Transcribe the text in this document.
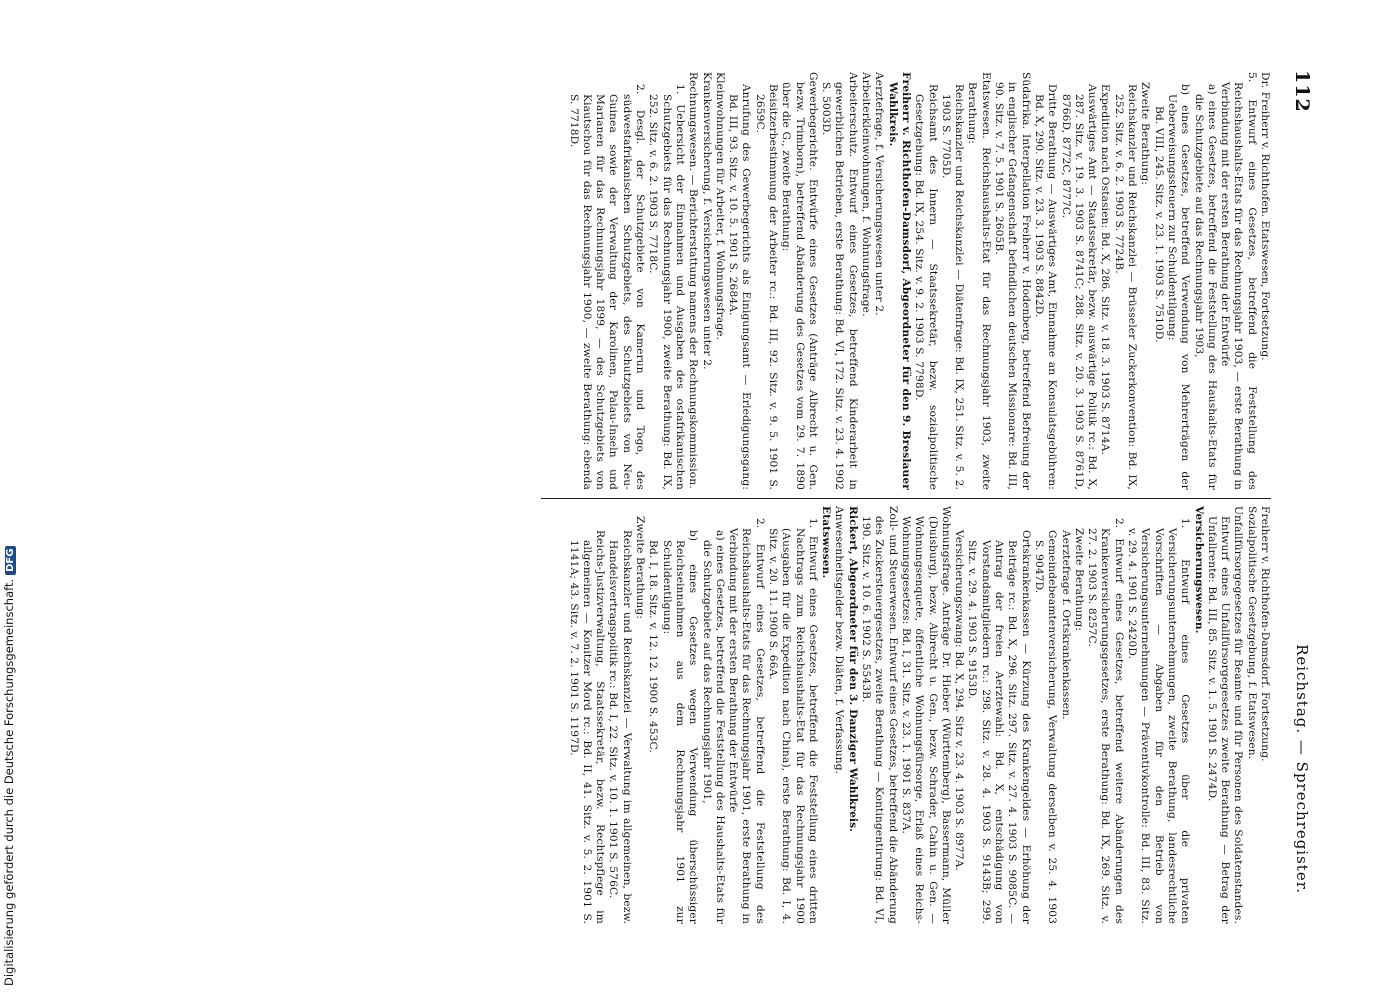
Digitalisierung gefördert durch die Deutsche Forschungsgemeinschaft.DFG
112
Reichstag. — Sprechregister.

Dr. Freiherr v. Richthofen. Etatswesen, Fortsetzung.

5. Entwurf eines Gesetzes, betreffend die Feststellung des Reichshaushalts-Etats für das Rechnungsjahr 1903, — erste Berathung in Verbindung mit der ersten Berathung der Entwürfe

a) eines Gesetzes, betreffend die Feststellung des Haushalts-Etats für die Schutzgebiete auf das Rechnungsjahr 1903,

b) eines Gesetzes, betreffend Verwendung von Mehrerträgen der Ueberweisungssteuern zur Schuldentilgung:

Bd. VIII, 245. Sitz. v. 23. 1. 1903 S. 7510D.

Zweite Berathung:

Reichskanzler und Reichskanzlei — Brüsseler Zuckerkonvention: Bd. IX, 252. Sitz. v. 6. 2. 1903 S. 7724B.

Expedition nach Ostasien: Bd. X, 286. Sitz. v. 18. 3. 1903 S. 8714A.

Auswärtiges Amt — Staatssekretär, bezw. auswärtige Politik rc.: Bd. X, 287. Sitz. v. 19. 3. 1903 S. 8741C; 288. Sitz. v. 20. 3. 1903 S. 8761D, 8766D, 8772C, 8777C.

Dritte Berathung — Auswärtiges Amt, Einnahme an Konsulatsgebühren: Bd. X, 290. Sitz. v. 23. 3. 1903 S. 8842D.

Südafrika. Interpellation Freiherr v. Hodenberg, betreffend Befreiung der in englischer Gefangenschaft befindlichen deutschen Missionare: Bd. III, 90. Sitz. v. 7. 5. 1901 S. 2605B.

Etatswesen. Reichshaushalts-Etat für das Rechnungsjahr 1903, zweite Berathung:

Reichskanzler und Reichskanzlei — Diätenfrage: Bd. IX, 251. Sitz. v. 5. 2. 1903 S. 7705D.

Reichsamt des Innern — Staatssekretär, bezw. sozialpolitische Gesetzgebung: Bd. IX, 254. Sitz. v. 9. 2. 1903 S. 7798D.

Freiherr v. Richthofen-Damsdorf, Abgeordneter für den 9. Breslauer Wahlkreis.

Aerztefrage, f. Versicherungswesen unter 2.

Arbeiterkleinwohnungen, f. Wohnungsfrage.

Arbeiterschutz. Entwurf eines Gesetzes, betreffend Kinderarbeit in gewerblichen Betrieben, erste Berathung: Bd. VI, 172. Sitz. v. 23. 4. 1902 S. 5003D.

Gewerbegerichte. Entwürfe eines Gesetzes (Anträge Albrecht u. Gen. bezw. Trimborn), betreffend Abänderung des Gesetzes vom 29. 7. 1890 über die G., zweite Berathung:

Beisitzerbestimmung der Arbeiter rc.: Bd. III, 92. Sitz. v. 9. 5. 1901 S. 2659C.

Anrufung des Gewerbegerichts als Einigungsamt — Erledigungsgang: Bd. III, 93. Sitz. v. 10. 5. 1901 S. 2684A.

Kleinwohnungen für Arbeiter, f. Wohnungsfrage.

Krankenversicherung, f. Versicherungswesen unter 2.

Rechnungswesen. — Berichterstattung namens der Rechnungskommission.

1. Uebersicht der Einnahmen und Ausgaben des ostafrikanischen Schutzgebiets für das Rechnungsjahr 1900, zweite Berathung: Bd. IX, 252. Sitz. v. 6. 2. 1903 S. 7718C.

2. Desgl. der Schutzgebiete von Kamerun und Togo, des südwestafrikanischen Schutzgebiets, des Schutzgebiets von Neu-Guinea sowie der Verwaltung der Karolinen, Palau-Inseln und Marianen für das Rechnungsjahr 1899, — des Schutzgebiets von Kiautschou für das Rechnungsjahr 1900, — zweite Berathung: ebenda S. 7718D.

Freiherr v. Richthofen-Damsdorf. Fortsetzung.

Sozialpolitische Gesetzgebung, f. Etatswesen.

Unfallfürsorgegesetzes für Beamte und für Personen des Soldatenstandes. Entwurf eines Unfallfürsorgegesetzes zweite Berathung — Betrag der Unfallrente: Bd. III, 85. Sitz. v. 1. 5. 1901 S. 2474D.

Versicherungswesen.

1. Entwurf eines Gesetzes über die privaten Versicherungsunternehmungen, zweite Berathung, landesrechtliche Vorschriften — Abgaben für den Betrieb von Versicherungsunternehmungen — Präventivkontrolle: Bd. III, 83. Sitz. v. 29. 4. 1901 S. 2420D.

2. Entwurf eines Gesetzes, betreffend weitere Abänderungen des Krankenversicherungsgesetzes, erste Berathung: Bd. IX, 269. Sitz. v. 27. 2. 1903 S. 8257C.

Zweite Berathung:

Aerztefrage f. Ortskrankenkassen.

Gemeindebeamtenversicherung, Verwaltung derselben v. 25. 4. 1903 S. 9047D.

Ortskrankenkassen — Kürzung des Krankengeldes — Erhöhung der Beiträge rc.: Bd. X, 296. Sitz. 297. Sitz. v. 27. 4. 1903 S. 9085C. — Antrag der freien Aerztewahl: Bd. X, entschädigung von Vorstandsmitgliedern rc.: 298. Sitz. v. 28. 4. 1903 S. 9143B; 299. Sitz. v. 29. 4. 1903 S. 9153D.

Versicherungszwang: Bd. X, 294. Sitz v. 23. 4. 1903 S. 8977A.

Wohnungsfrage. Anträge Dr. Hieber (Württemberg), Bassermann, Müller (Duisburg), bezw. Albrecht u. Gen., bezw. Schrader, Cahin u. Gen. — Wohnungsenquete, öffentliche Wohnungsfürsorge, Erlaß eines Reichs-Wohnungsgesetzes: Bd. I, 31. Sitz. v. 23. 1. 1901 S. 837A.

Zoll- und Steuerwesen. Entwurf eines Gesetzes, betreffend die Abänderung des Zuckersteuergesetzes, zweite Berathung — Kontingentirung: Bd. VI, 190. Sitz. v. 10. 6. 1902 S. 5543B.

Rickert, Abgeordneter für den 3. Danziger Wahlkreis.

Anwesenheitsgelder bezw. Diäten, f. Verfassung.

Etatswesen.

1. Entwurf eines Gesetzes, betreffend die Feststellung eines dritten Nachtrags zum Reichshaushalts-Etat für das Rechnungsjahr 1900 (Ausgaben für die Expedition nach China), erste Berathung: Bd. I, 4. Sitz. v. 20. 11. 1900 S. 66A.

2. Entwurf eines Gesetzes, betreffend die Feststellung des Reichshaushalts-Etats für das Rechnungsjahr 1901, erste Berathung in Verbindung mit der ersten Berathung der Entwürfe

a) eines Gesetzes, betreffend die Feststellung des Haushalts-Etats für die Schutzgebiete auf das Rechnungsjahr 1901,

b) eines Gesetzes wegen Verwendung überschüssiger Reichseinnahmen aus dem Rechnungsjahr 1901 zur Schuldentilgung:

Bd. I, 18. Sitz. v. 12. 12. 1900 S. 453C.

Zweite Berathung:

Reichskanzler und Reichskanzlei — Verwaltung im allgemeinen, bezw. Handelsvertragspolitik rc.: Bd. I, 22. Sitz. v. 10. 1. 1901 S. 576C.

Reichs-Justizverwaltung, Staatssekretär, bezw. Rechtspflege im allgemeinen — Konitzer Mord rc.: Bd. II, 41. Sitz. v. 5. 2. 1901 S. 1141A; 43. Sitz. v. 7. 2. 1901 S. 1197D.
